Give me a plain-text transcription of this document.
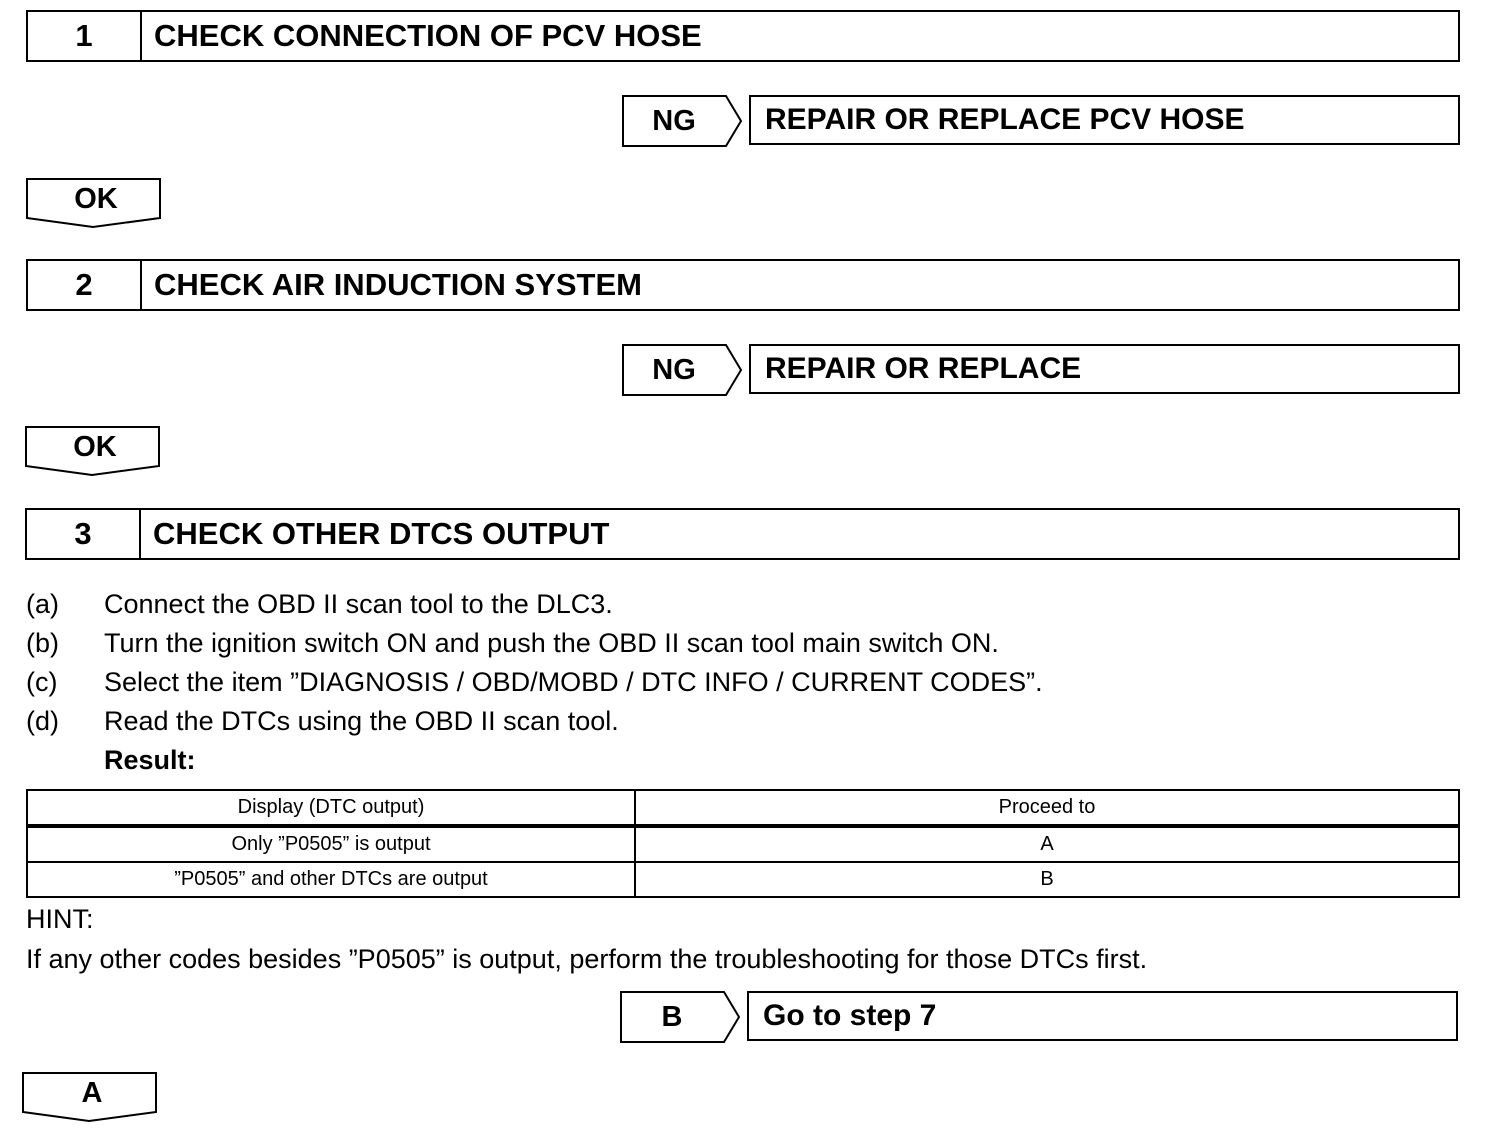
1	CHECK CONNECTION OF PCV HOSE
NG	REPAIR OR REPLACE PCV HOSE
OK
2	CHECK AIR INDUCTION SYSTEM
NG	REPAIR OR REPLACE
OK
3	CHECK OTHER DTCS OUTPUT
(a)	Connect the OBD II scan tool to the DLC3.
(b)	Turn the ignition switch ON and push the OBD II scan tool main switch ON.
(c)	Select the item ”DIAGNOSIS / OBD/MOBD / DTC INFO / CURRENT CODES”.
(d)	Read the DTCs using the OBD II scan tool.
Result:
Display (DTC output)	Proceed to
Only ”P0505” is output	A
”P0505” and other DTCs are output	B
HINT:
If any other codes besides ”P0505” is output, perform the troubleshooting for those DTCs first.
B	Go to step 7
A
